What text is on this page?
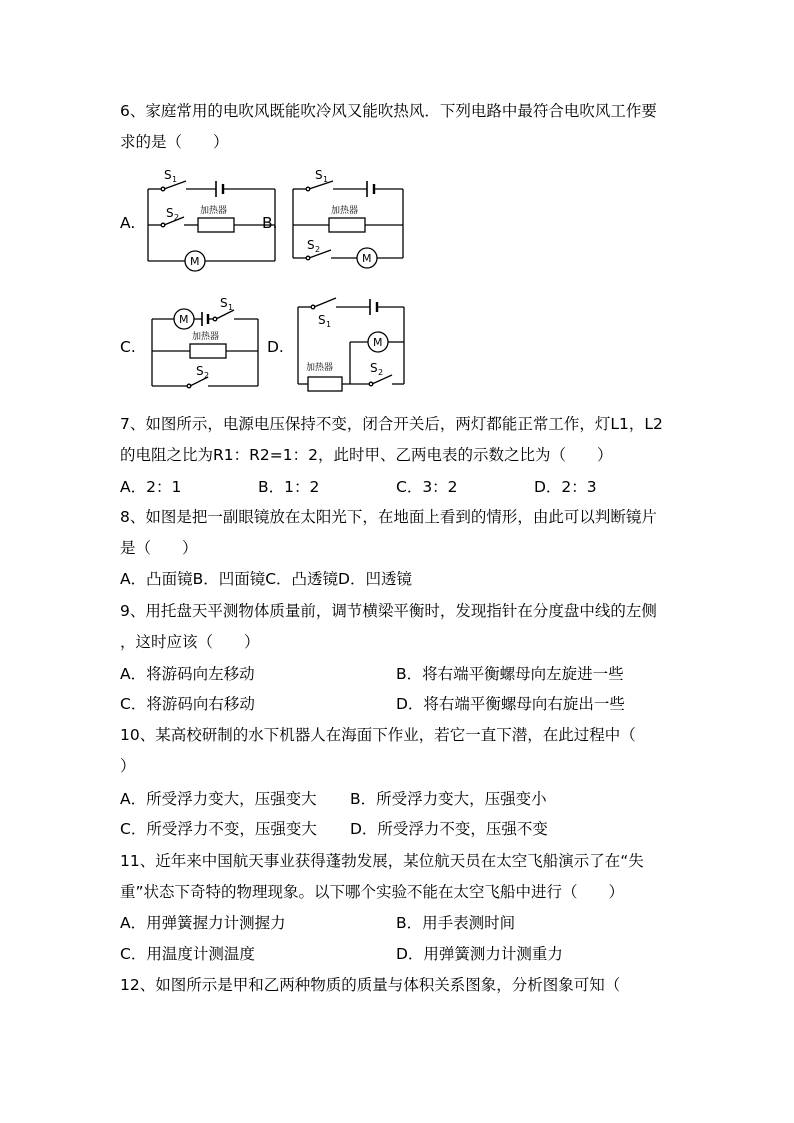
6、家庭常用的电吹风既能吹冷风又能吹热风．下列电路中最符合电吹风工作要
求的是（　　）
A.	B.
C.	D.
S 1
S 2
加热器
M
S 1
加热器
S 2
M
M
S 1
加热器
S 2
S 1
M
加热器	S 2
7、如图所示，电源电压保持不变，闭合开关后，两灯都能正常工作，灯L1，L2
的电阻之比为R1：R2=1：2，此时甲、乙两电表的示数之比为（　　）
A．2：1	B．1：2	C．3：2	D．2：3
8、如图是把一副眼镜放在太阳光下，在地面上看到的情形，由此可以判断镜片
是（　　）
A．凸面镜B．凹面镜C．凸透镜D．凹透镜
9、用托盘天平测物体质量前，调节横梁平衡时，发现指针在分度盘中线的左侧
，这时应该（　　）
A．将游码向左移动	B．将右端平衡螺母向左旋进一些
C．将游码向右移动	D．将右端平衡螺母向右旋出一些
10、某高校研制的水下机器人在海面下作业，若它一直下潜，在此过程中（
）
A．所受浮力变大，压强变大 B．所受浮力变大，压强变小
C．所受浮力不变，压强变大 D．所受浮力不变，压强不变
11、近年来中国航天事业获得蓬勃发展，某位航天员在太空飞船演示了在“失
重”状态下奇特的物理现象。以下哪个实验不能在太空飞船中进行（　　）
A．用弹簧握力计测握力	B．用手表测时间
C．用温度计测温度	D．用弹簧测力计测重力
12、如图所示是甲和乙两种物质的质量与体积关系图象，分析图象可知（
